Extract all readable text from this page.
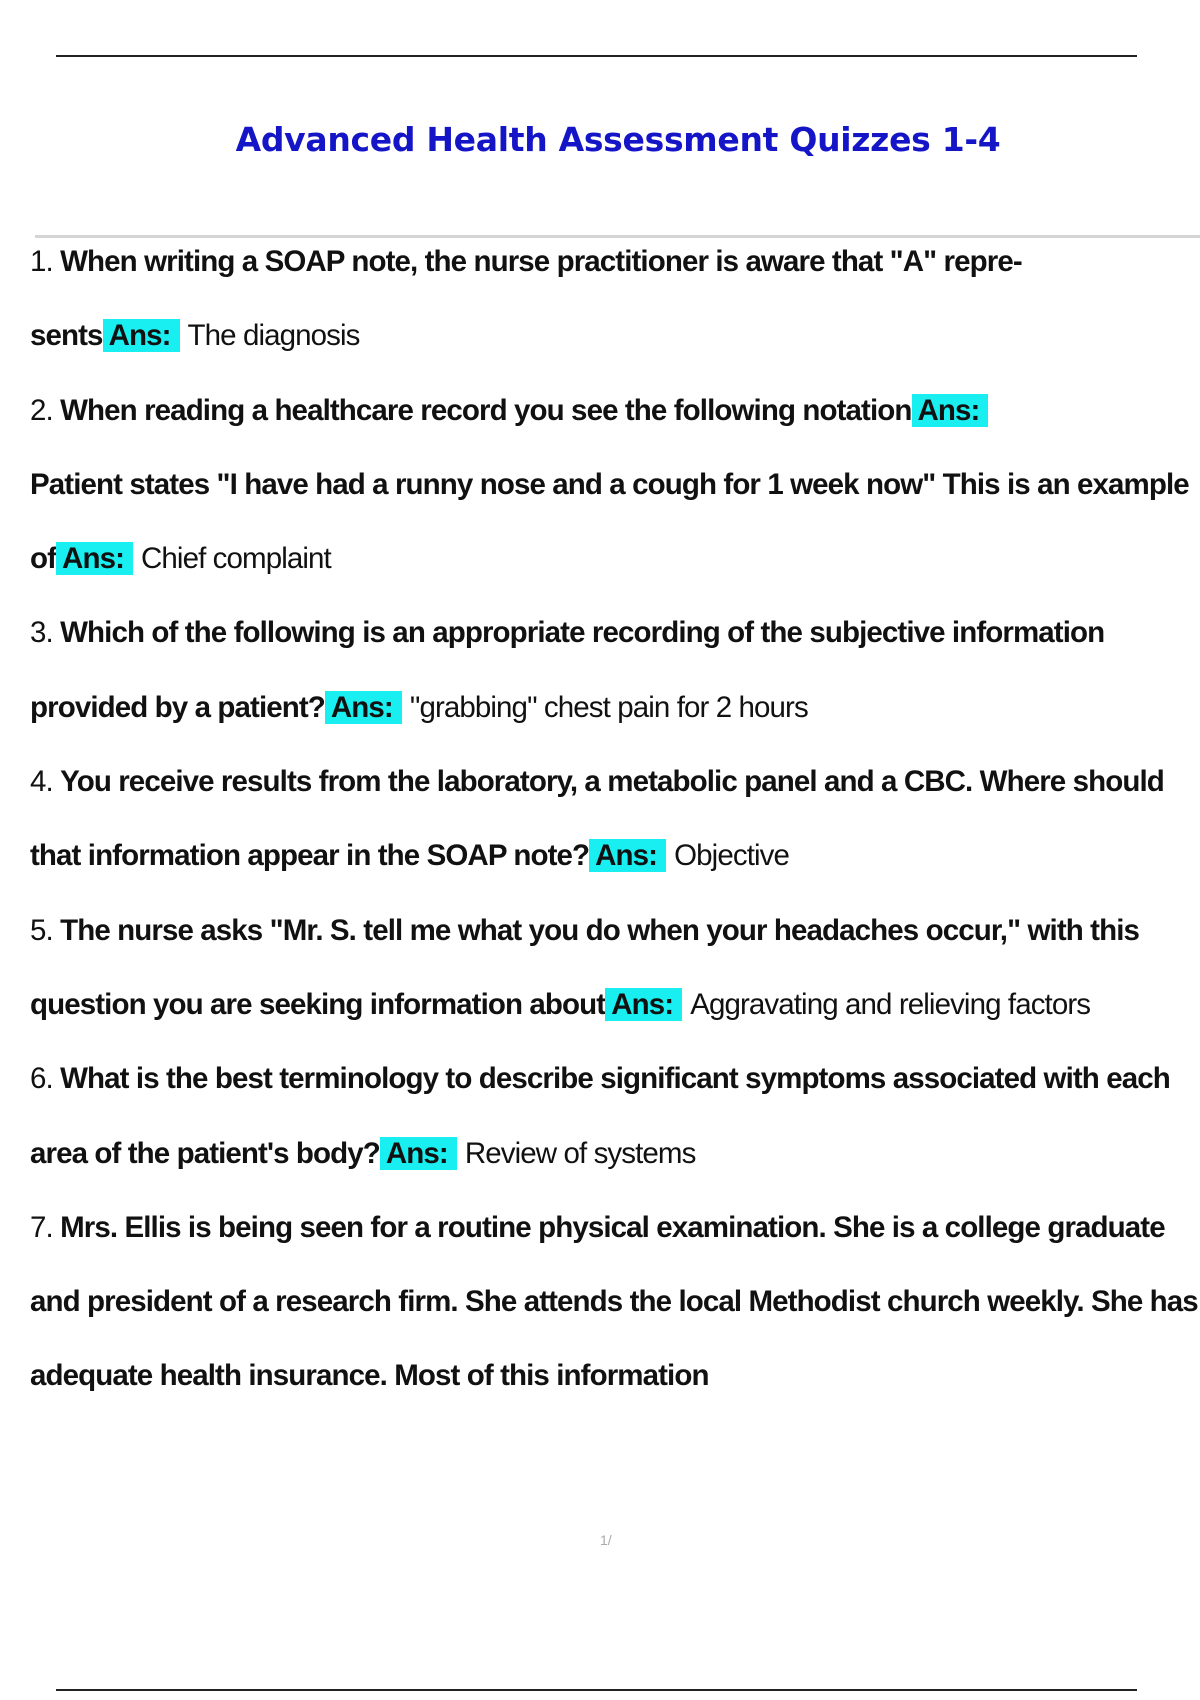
Advanced Health Assessment Quizzes 1-4

1. When writing a SOAP note, the nurse practitioner is aware that "A" represents Ans: The diagnosis

2. When reading a healthcare record you see the following notation Ans:
Patient states "I have had a runny nose and a cough for 1 week now" This is an example of Ans: Chief complaint

3. Which of the following is an appropriate recording of the subjective information provided by a patient? Ans: "grabbing" chest pain for 2 hours

4. You receive results from the laboratory, a metabolic panel and a CBC. Where should that information appear in the SOAP note? Ans: Objective

5. The nurse asks "Mr. S. tell me what you do when your headaches occur," with this question you are seeking information about Ans: Aggravating and relieving factors

6. What is the best terminology to describe significant symptoms associated with each area of the patient's body? Ans: Review of systems

7. Mrs. Ellis is being seen for a routine physical examination. She is a college graduate and president of a research firm. She attends the local Methodist church weekly. She has adequate health insurance. Most of this information

1/
